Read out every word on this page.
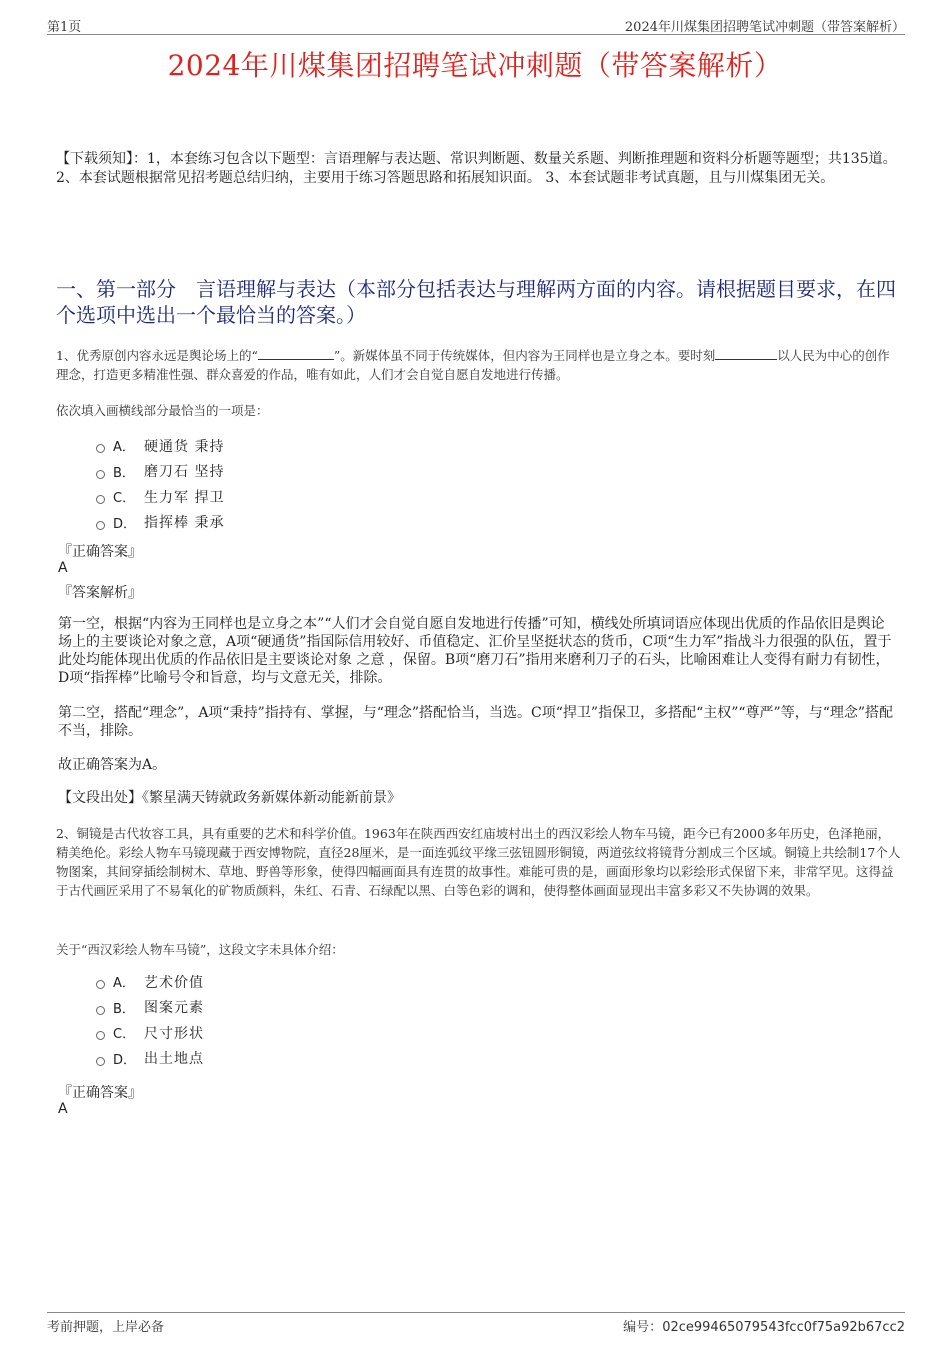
第1页	2024年川煤集团招聘笔试冲刺题（带答案解析）
2024年川煤集团招聘笔试冲刺题（带答案解析）
【下载须知】：1，本套练习包含以下题型：言语理解与表达题、常识判断题、数量关系题、判断推理题和资料分析题等题型；共135道。 2、本套试题根据常见招考题总结归纳，主要用于练习答题思路和拓展知识面。 3、本套试题非考试真题，且与川煤集团无关。
一、第一部分　言语理解与表达（本部分包括表达与理解两方面的内容。请根据题目要求，在四个选项中选出一个最恰当的答案。）
1、优秀原创内容永远是舆论场上的“	”。新媒体虽不同于传统媒体，但内容为王同样也是立身之本。要时刻	以人民为中心的创作理念，打造更多精准性强、群众喜爱的作品，唯有如此，人们才会自觉自愿自发地进行传播。
依次填入画横线部分最恰当的一项是：
A． 硬通货 秉持
B． 磨刀石 坚持
C． 生力军 捍卫
D． 指挥棒 秉承
『正确答案』
A
『答案解析』
第一空，根据“内容为王同样也是立身之本”“人们才会自觉自愿自发地进行传播”可知，横线处所填词语应体现出优质的作品依旧是舆论场上的主要谈论对象之意，A项“硬通货”指国际信用较好、币值稳定、汇价呈坚挺状态的货币，C项“生力军”指战斗力很强的队伍，置于此处均能体现出优质的作品依旧是主要谈论对象 之意 ，保留。B项“磨刀石”指用来磨利刀子的石头，比喻困难让人变得有耐力有韧性，D项“指挥棒”比喻号令和旨意，均与文意无关，排除。
第二空，搭配“理念”，A项“秉持”指持有、掌握，与“理念”搭配恰当，当选。C项“捍卫”指保卫，多搭配“主权”“尊严”等，与“理念”搭配不当，排除。
故正确答案为A。
【文段出处】《繁星满天铸就政务新媒体新动能新前景》
2、铜镜是古代妆容工具，具有重要的艺术和科学价值。1963年在陕西西安红庙坡村出土的西汉彩绘人物车马镜，距今已有2000多年历史，色泽艳丽，精美绝伦。彩绘人物车马镜现藏于西安博物院，直径28厘米，是一面连弧纹平缘三弦钮圆形铜镜，两道弦纹将镜背分割成三个区域。铜镜上共绘制17个人物图案，其间穿插绘制树木、草地、野兽等形象，使得四幅画面具有连贯的故事性。难能可贵的是，画面形象均以彩绘形式保留下来，非常罕见。这得益于古代画匠采用了不易氧化的矿物质颜料，朱红、石青、石绿配以黑、白等色彩的调和，使得整体画面显现出丰富多彩又不失协调的效果。
关于“西汉彩绘人物车马镜”，这段文字未具体介绍：
A． 艺术价值
B． 图案元素
C． 尺寸形状
D． 出土地点
『正确答案』
A
考前押题，上岸必备	编号：02ce99465079543fcc0f75a92b67cc2
